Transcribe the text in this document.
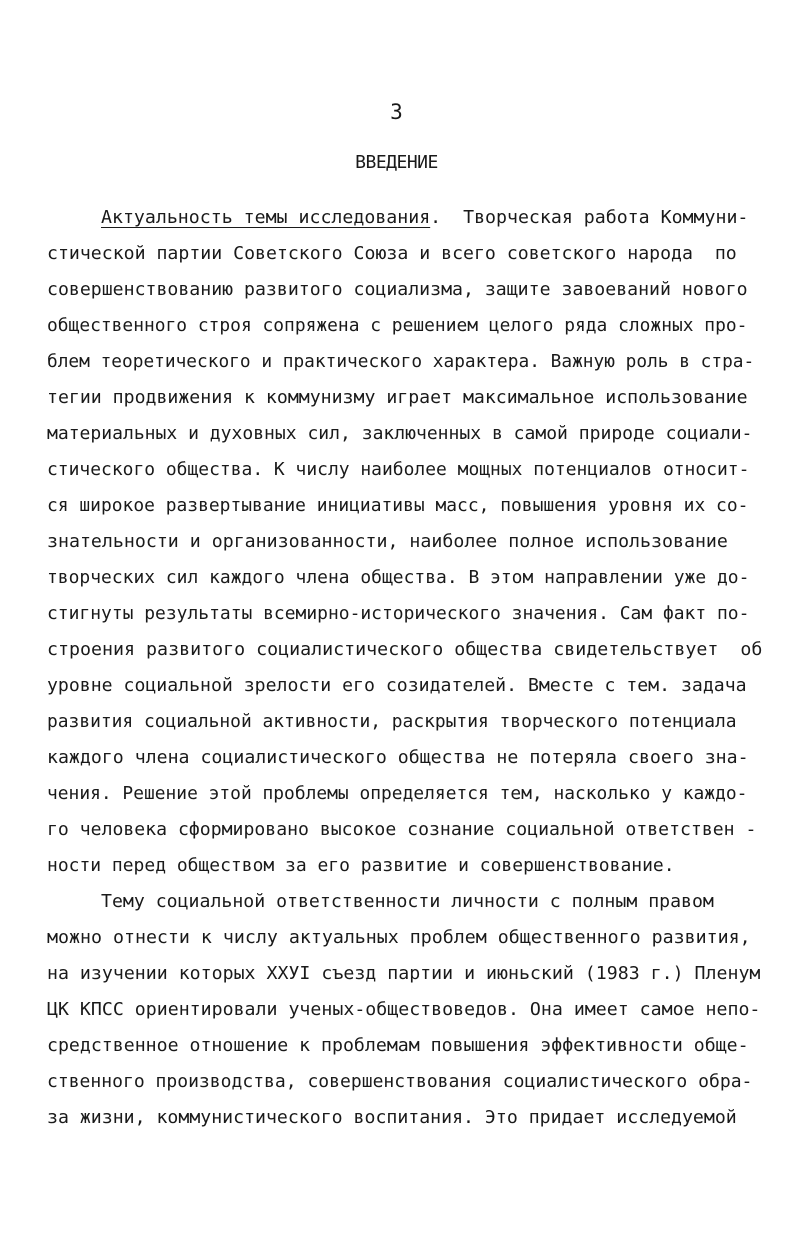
3
ВВЕДЕНИЕ
Актуальность темы исследования.  Творческая работа Коммуни-
стической партии Советского Союза и всего советского народа  по
совершенствованию развитого социализма, защите завоеваний нового
общественного строя сопряжена с решением целого ряда сложных про-
блем теоретического и практического характера. Важную роль в стра-
тегии продвижения к коммунизму играет максимальное использование
материальных и духовных сил, заключенных в самой природе социали-
стического общества. К числу наиболее мощных потенциалов относит-
ся широкое развертывание инициативы масс, повышения уровня их со-
знательности и организованности, наиболее полное использование
творческих сил каждого члена общества. В этом направлении уже до-
стигнуты результаты всемирно-исторического значения. Сам факт по-
строения развитого социалистического общества свидетельствует  об
уровне социальной зрелости его созидателей. Вместе с тем. задача
развития социальной активности, раскрытия творческого потенциала
каждого члена социалистического общества не потеряла своего зна-
чения. Решение этой проблемы определяется тем, насколько у каждо-
го человека сформировано высокое сознание социальной ответствен -
ности перед обществом за его развитие и совершенствование.
Тему социальной ответственности личности с полным правом
можно отнести к числу актуальных проблем общественного развития,
на изучении которых ХХУI съезд партии и июньский (1983 г.) Пленум
ЦК КПСС ориентировали ученых-обществоведов. Она имеет самое непо-
средственное отношение к проблемам повышения эффективности обще-
ственного производства, совершенствования социалистического обра-
за жизни, коммунистического воспитания. Это придает исследуемой
